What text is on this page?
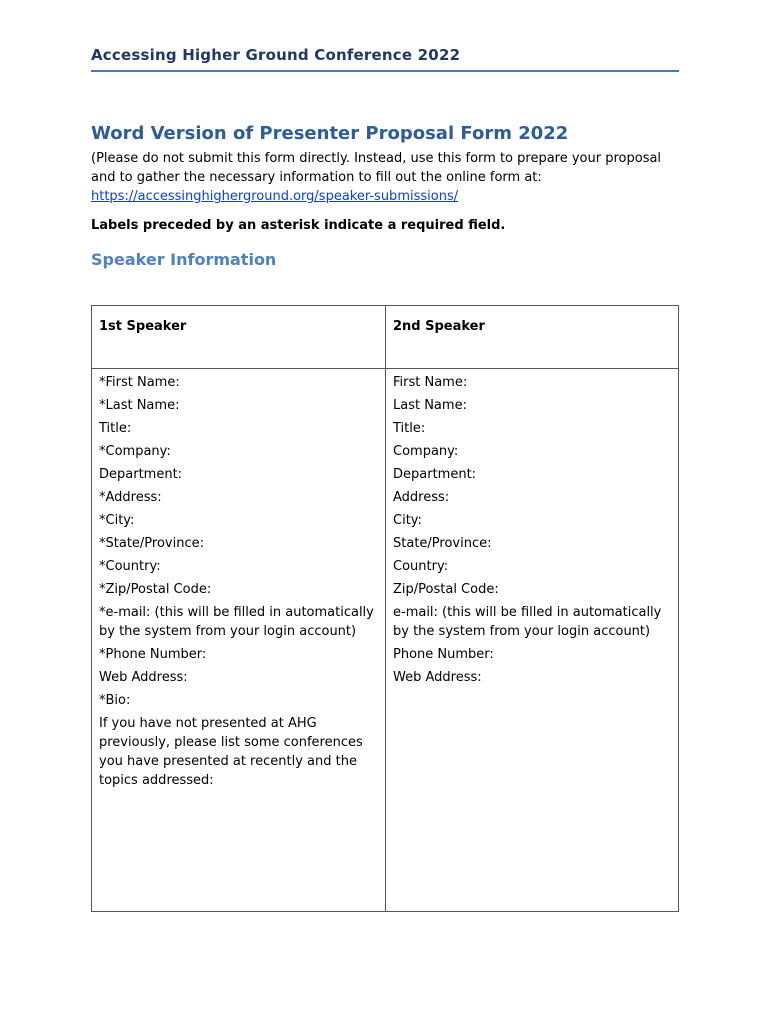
Accessing Higher Ground Conference 2022
Word Version of Presenter Proposal Form 2022

(Please do not submit this form directly. Instead, use this form to prepare your proposal and to gather the necessary information to fill out the online form at:

https://accessinghigherground.org/speaker-submissions/
Labels preceded by an asterisk indicate a required field.
Speaker Information
1st Speaker	2nd Speaker
*First Name:
*Last Name:
Title:
*Company:
Department:
*Address:
*City:
*State/Province:
*Country:
*Zip/Postal Code:
*e-mail: (this will be filled in automatically by the system from your login account)
*Phone Number:
Web Address:
*Bio:
If you have not presented at AHG previously, please list some conferences you have presented at recently and the topics addressed:
First Name:
Last Name:
Title:
Company:
Department:
Address:
City:
State/Province:
Country:
Zip/Postal Code:
e-mail: (this will be filled in automatically by the system from your login account)
Phone Number:
Web Address:
